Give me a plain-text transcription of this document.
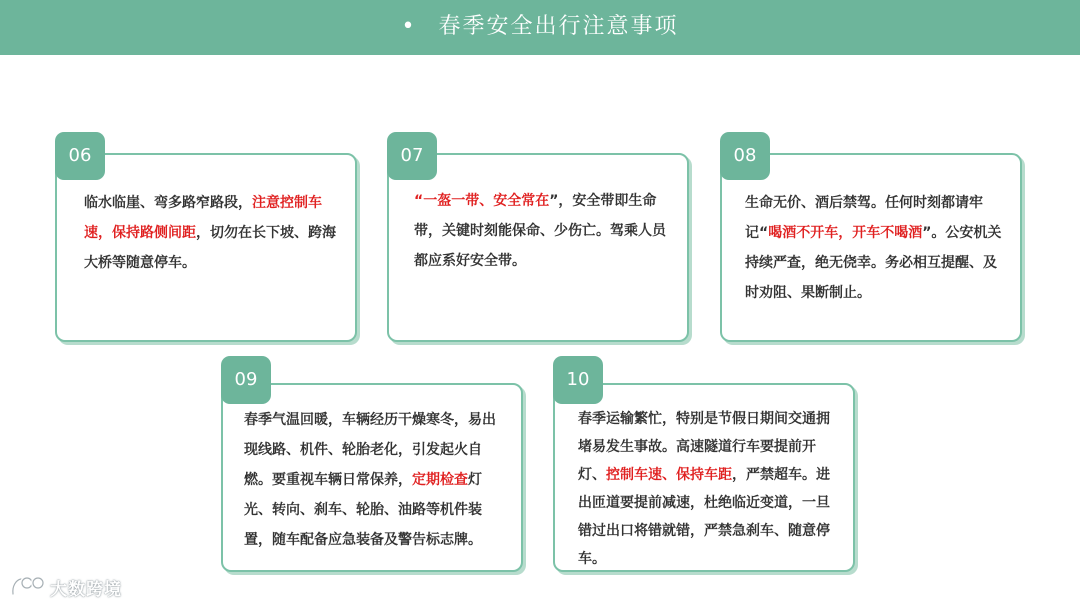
• 春季安全出行注意事项
06
临水临崖、弯多路窄路段，注意控制车速，保持路侧间距，切勿在长下坡、跨海大桥等随意停车。
07
“一盔一带、安全常在”，安全带即生命带，关键时刻能保命、少伤亡。驾乘人员都应系好安全带。
08
生命无价、酒后禁驾。任何时刻都请牢记“喝酒不开车，开车不喝酒”。公安机关持续严查，绝无侥幸。务必相互提醒、及时劝阻、果断制止。
09
春季气温回暖，车辆经历干燥寒冬，易出现线路、机件、轮胎老化，引发起火自燃。要重视车辆日常保养，定期检查灯光、转向、刹车、轮胎、油路等机件装置，随车配备应急装备及警告标志牌。
10
春季运输繁忙，特别是节假日期间交通拥堵易发生事故。高速隧道行车要提前开灯、控制车速、保持车距，严禁超车。进出匝道要提前减速，杜绝临近变道，一旦错过出口将错就错，严禁急刹车、随意停车。
大数跨境
